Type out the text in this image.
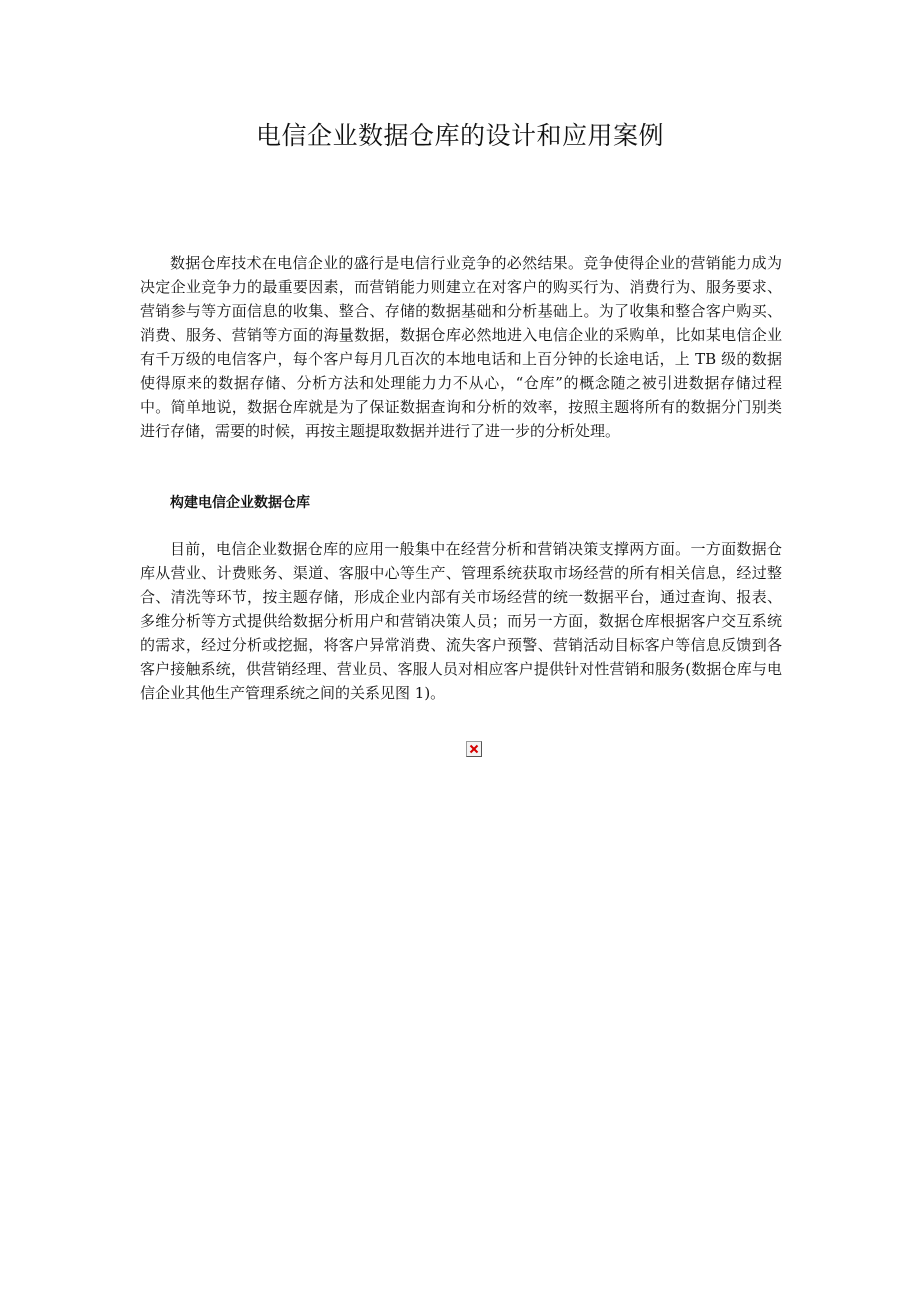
电信企业数据仓库的设计和应用案例

数据仓库技术在电信企业的盛行是电信行业竞争的必然结果。竞争使得企业的营销能力成为决定企业竞争力的最重要因素，而营销能力则建立在对客户的购买行为、消费行为、服务要求、营销参与等方面信息的收集、整合、存储的数据基础和分析基础上。为了收集和整合客户购买、消费、服务、营销等方面的海量数据，数据仓库必然地进入电信企业的采购单，比如某电信企业有千万级的电信客户，每个客户每月几百次的本地电话和上百分钟的长途电话，上 TB 级的数据使得原来的数据存储、分析方法和处理能力力不从心，“仓库”的概念随之被引进数据存储过程中。简单地说，数据仓库就是为了保证数据查询和分析的效率，按照主题将所有的数据分门别类进行存储，需要的时候，再按主题提取数据并进行了进一步的分析处理。

构建电信企业数据仓库

目前，电信企业数据仓库的应用一般集中在经营分析和营销决策支撑两方面。一方面数据仓库从营业、计费账务、渠道、客服中心等生产、管理系统获取市场经营的所有相关信息，经过整合、清洗等环节，按主题存储，形成企业内部有关市场经营的统一数据平台，通过查询、报表、多维分析等方式提供给数据分析用户和营销决策人员；而另一方面，数据仓库根据客户交互系统的需求，经过分析或挖掘，将客户异常消费、流失客户预警、营销活动目标客户等信息反馈到各客户接触系统，供营销经理、营业员、客服人员对相应客户提供针对性营销和服务(数据仓库与电信企业其他生产管理系统之间的关系见图 1)。
